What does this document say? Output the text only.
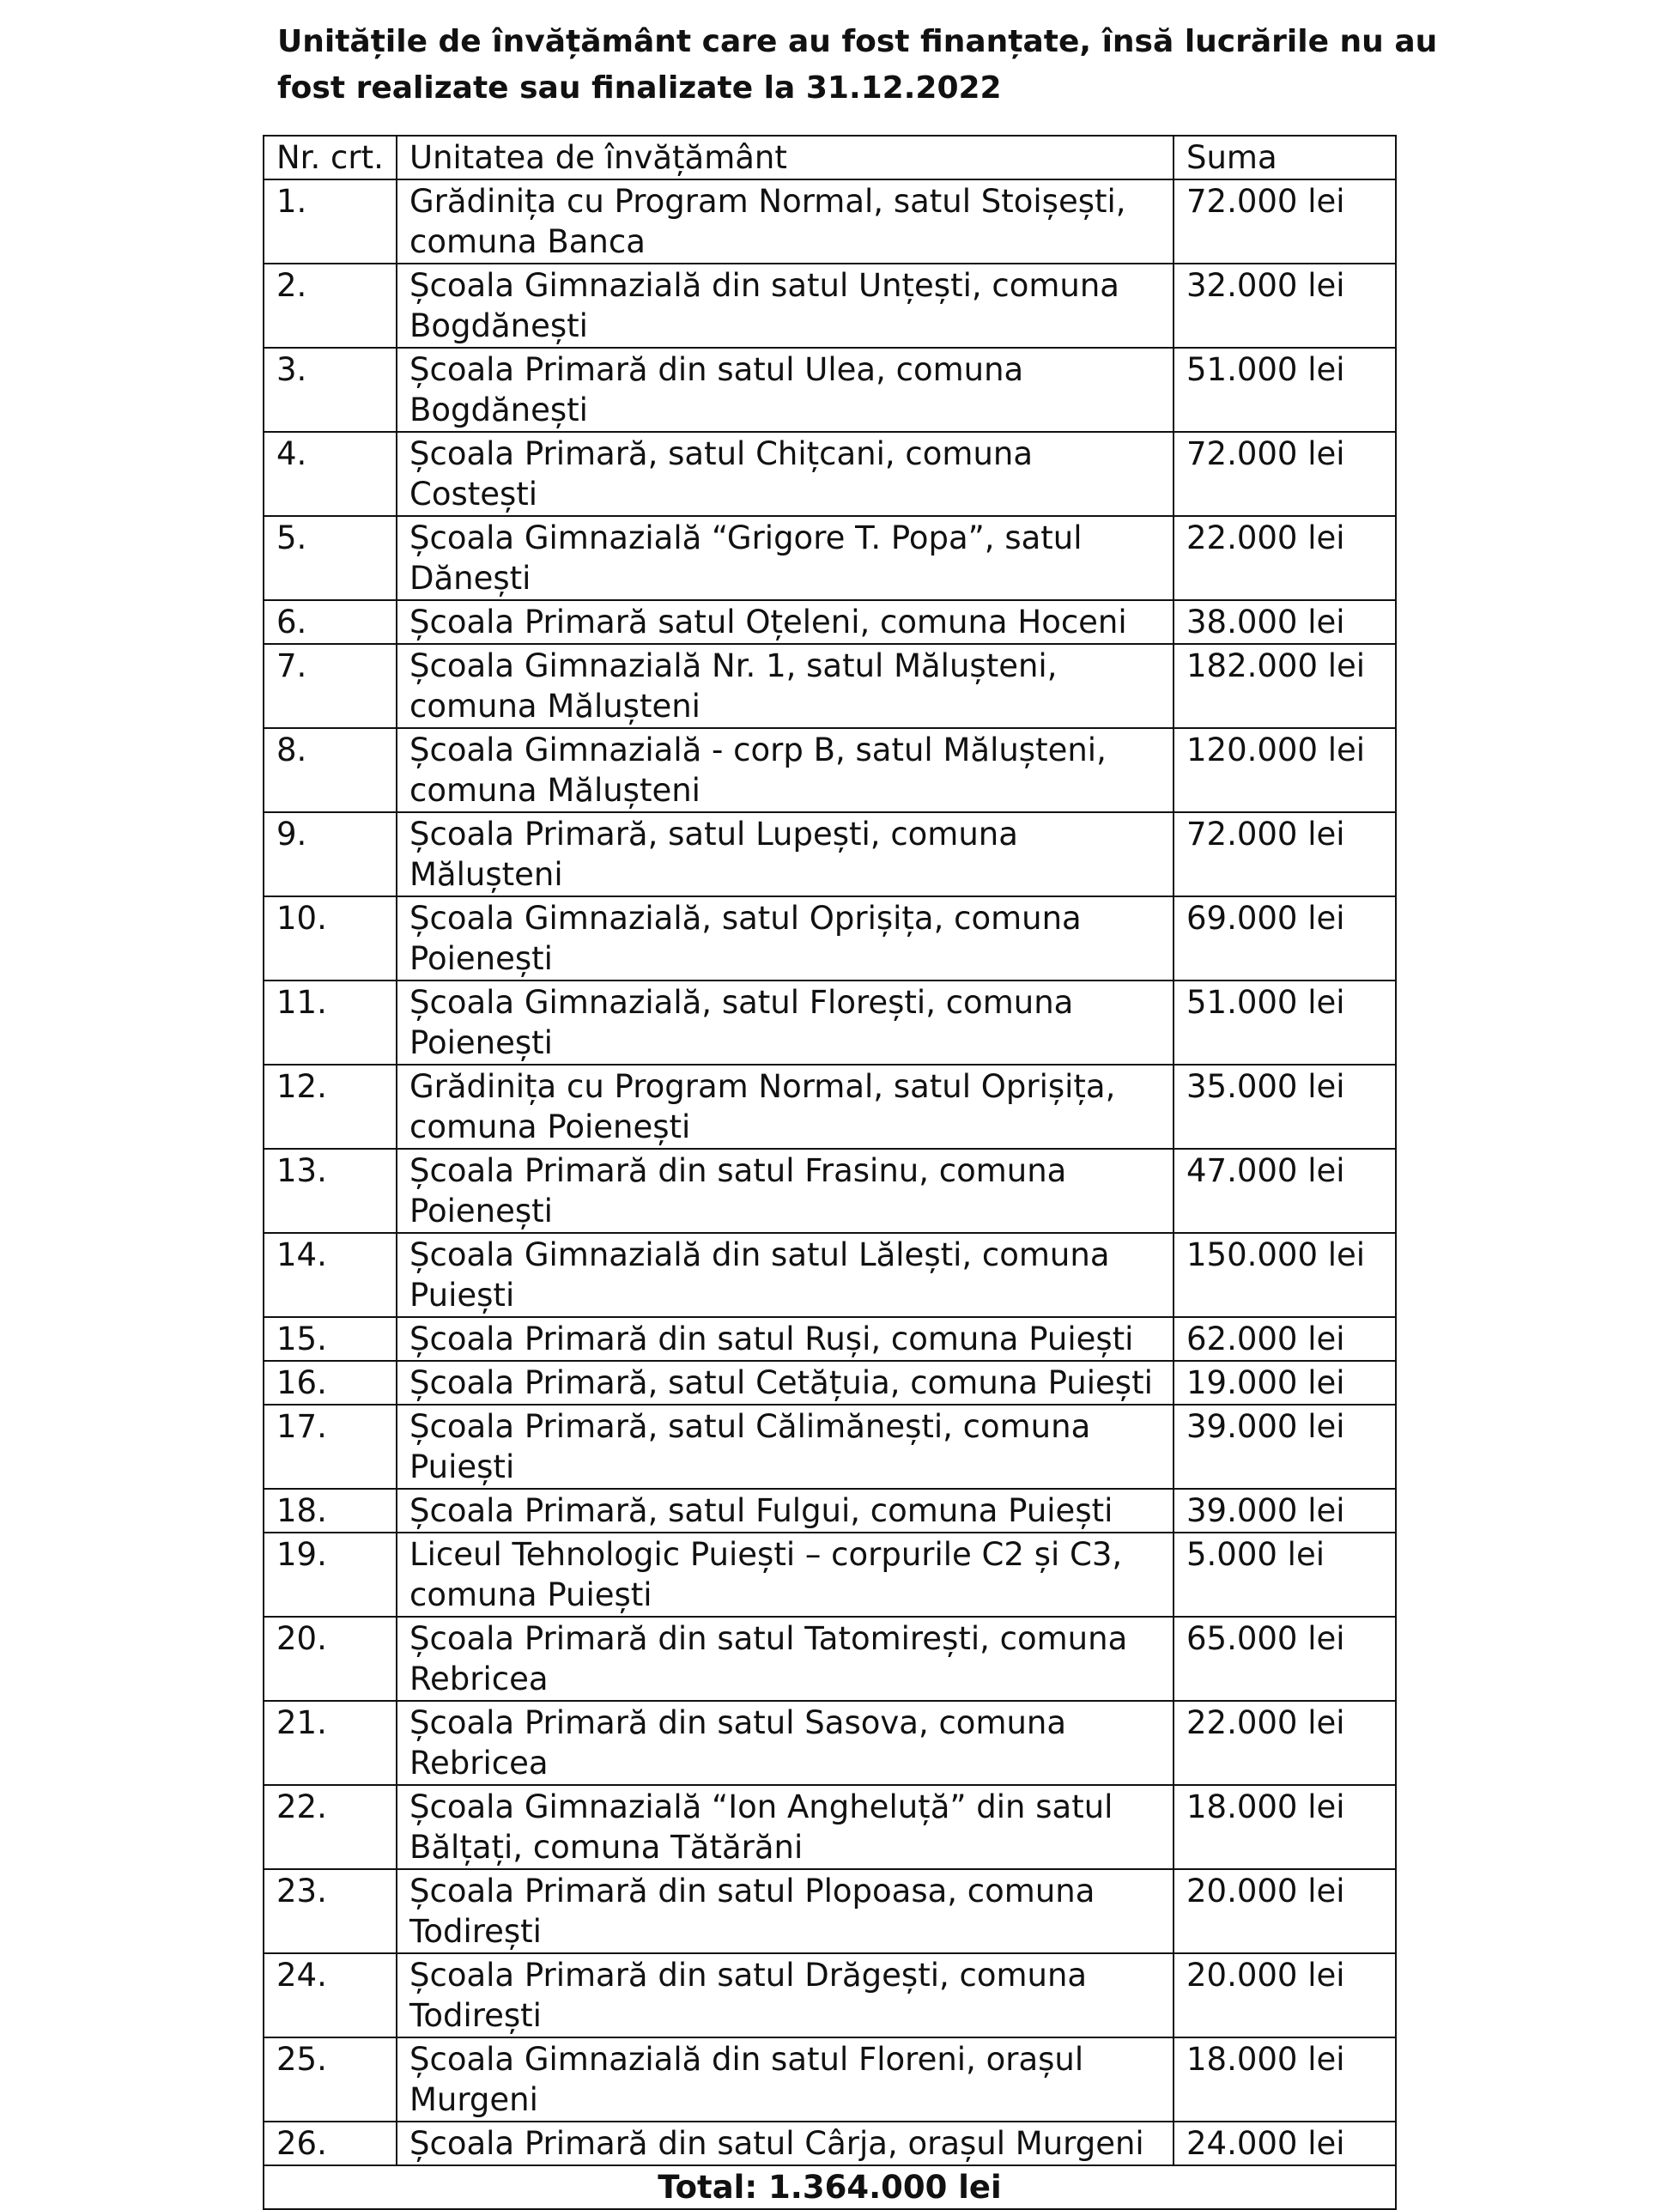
Unitățile de învățământ care au fost finanțate, însă lucrările nu au fost realizate sau finalizate la 31.12.2022
Nr. crt.	Unitatea de învățământ	Suma
1.	Grădinița cu Program Normal, satul Stoișești, comuna Banca	72.000 lei
2.	Școala Gimnazială din satul Unțești, comuna Bogdănești	32.000 lei
3.	Școala Primară din satul Ulea, comuna Bogdănești	51.000 lei
4.	Școala Primară, satul Chițcani, comuna Costești	72.000 lei
5.	Școala Gimnazială “Grigore T. Popa”, satul Dănești	22.000 lei
6.	Școala Primară satul Oțeleni, comuna Hoceni	38.000 lei
7.	Școala Gimnazială Nr. 1, satul Mălușteni, comuna Mălușteni	182.000 lei
8.	Școala Gimnazială - corp B, satul Mălușteni, comuna Mălușteni	120.000 lei
9.	Școala Primară, satul Lupești, comuna Mălușteni	72.000 lei
10.	Școala Gimnazială, satul Oprișița, comuna Poienești	69.000 lei
11.	Școala Gimnazială, satul Florești, comuna Poienești	51.000 lei
12.	Grădinița cu Program Normal, satul Oprișița, comuna Poienești	35.000 lei
13.	Școala Primară din satul Frasinu, comuna Poienești	47.000 lei
14.	Școala Gimnazială din satul Lălești, comuna Puiești	150.000 lei
15.	Școala Primară din satul Ruși, comuna Puiești	62.000 lei
16.	Școala Primară, satul Cetățuia, comuna Puiești	19.000 lei
17.	Școala Primară, satul Călimănești, comuna Puiești	39.000 lei
18.	Școala Primară, satul Fulgui, comuna Puiești	39.000 lei
19.	Liceul Tehnologic Puiești – corpurile C2 și C3, comuna Puiești	5.000 lei
20.	Școala Primară din satul Tatomirești, comuna Rebricea	65.000 lei
21.	Școala Primară din satul Sasova, comuna Rebricea	22.000 lei
22.	Școala Gimnazială “Ion Angheluță” din satul Bălțați, comuna Tătărăni	18.000 lei
23.	Școala Primară din satul Plopoasa, comuna Todirești	20.000 lei
24.	Școala Primară din satul Drăgești, comuna Todirești	20.000 lei
25.	Școala Gimnazială din satul Floreni, orașul Murgeni	18.000 lei
26.	Școala Primară din satul Cârja, orașul Murgeni	24.000 lei
Total: 1.364.000 lei		
